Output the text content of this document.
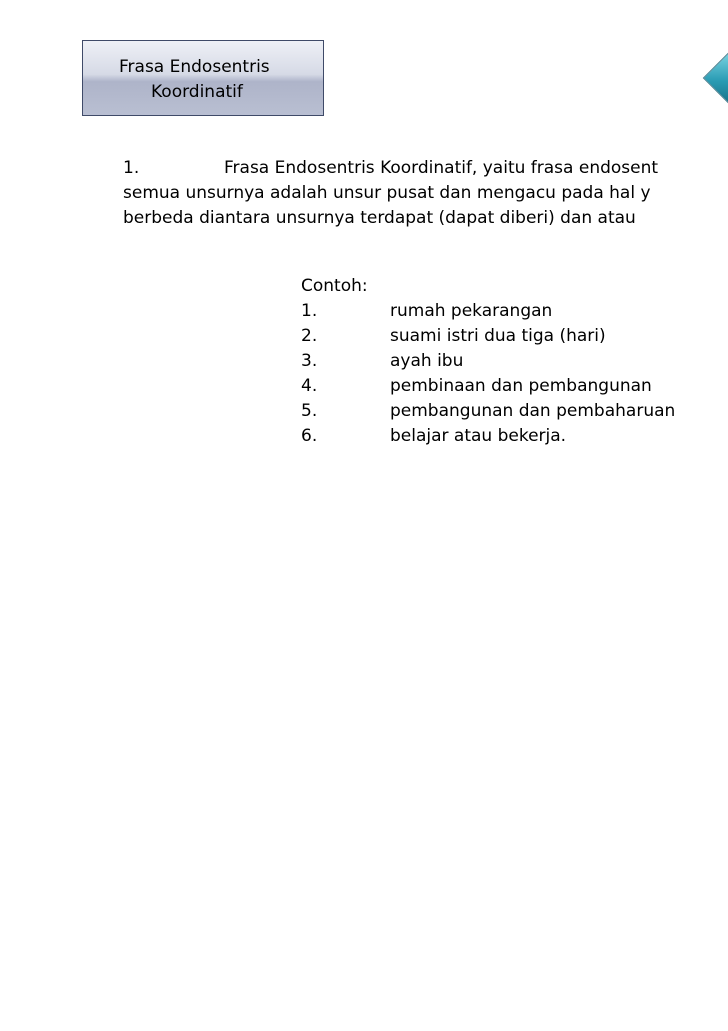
Frasa Endosentris
Koordinatif
1.	Frasa Endosentris Koordinatif, yaitu frasa endosent
semua unsurnya adalah unsur pusat dan mengacu pada hal y
berbeda diantara unsurnya terdapat (dapat diberi) dan atau
Contoh:
1.	rumah pekarangan
2.	suami istri dua tiga (hari)
3.	ayah ibu
4.	pembinaan dan pembangunan
5.	pembangunan dan pembaharuan
6.	belajar atau bekerja.
